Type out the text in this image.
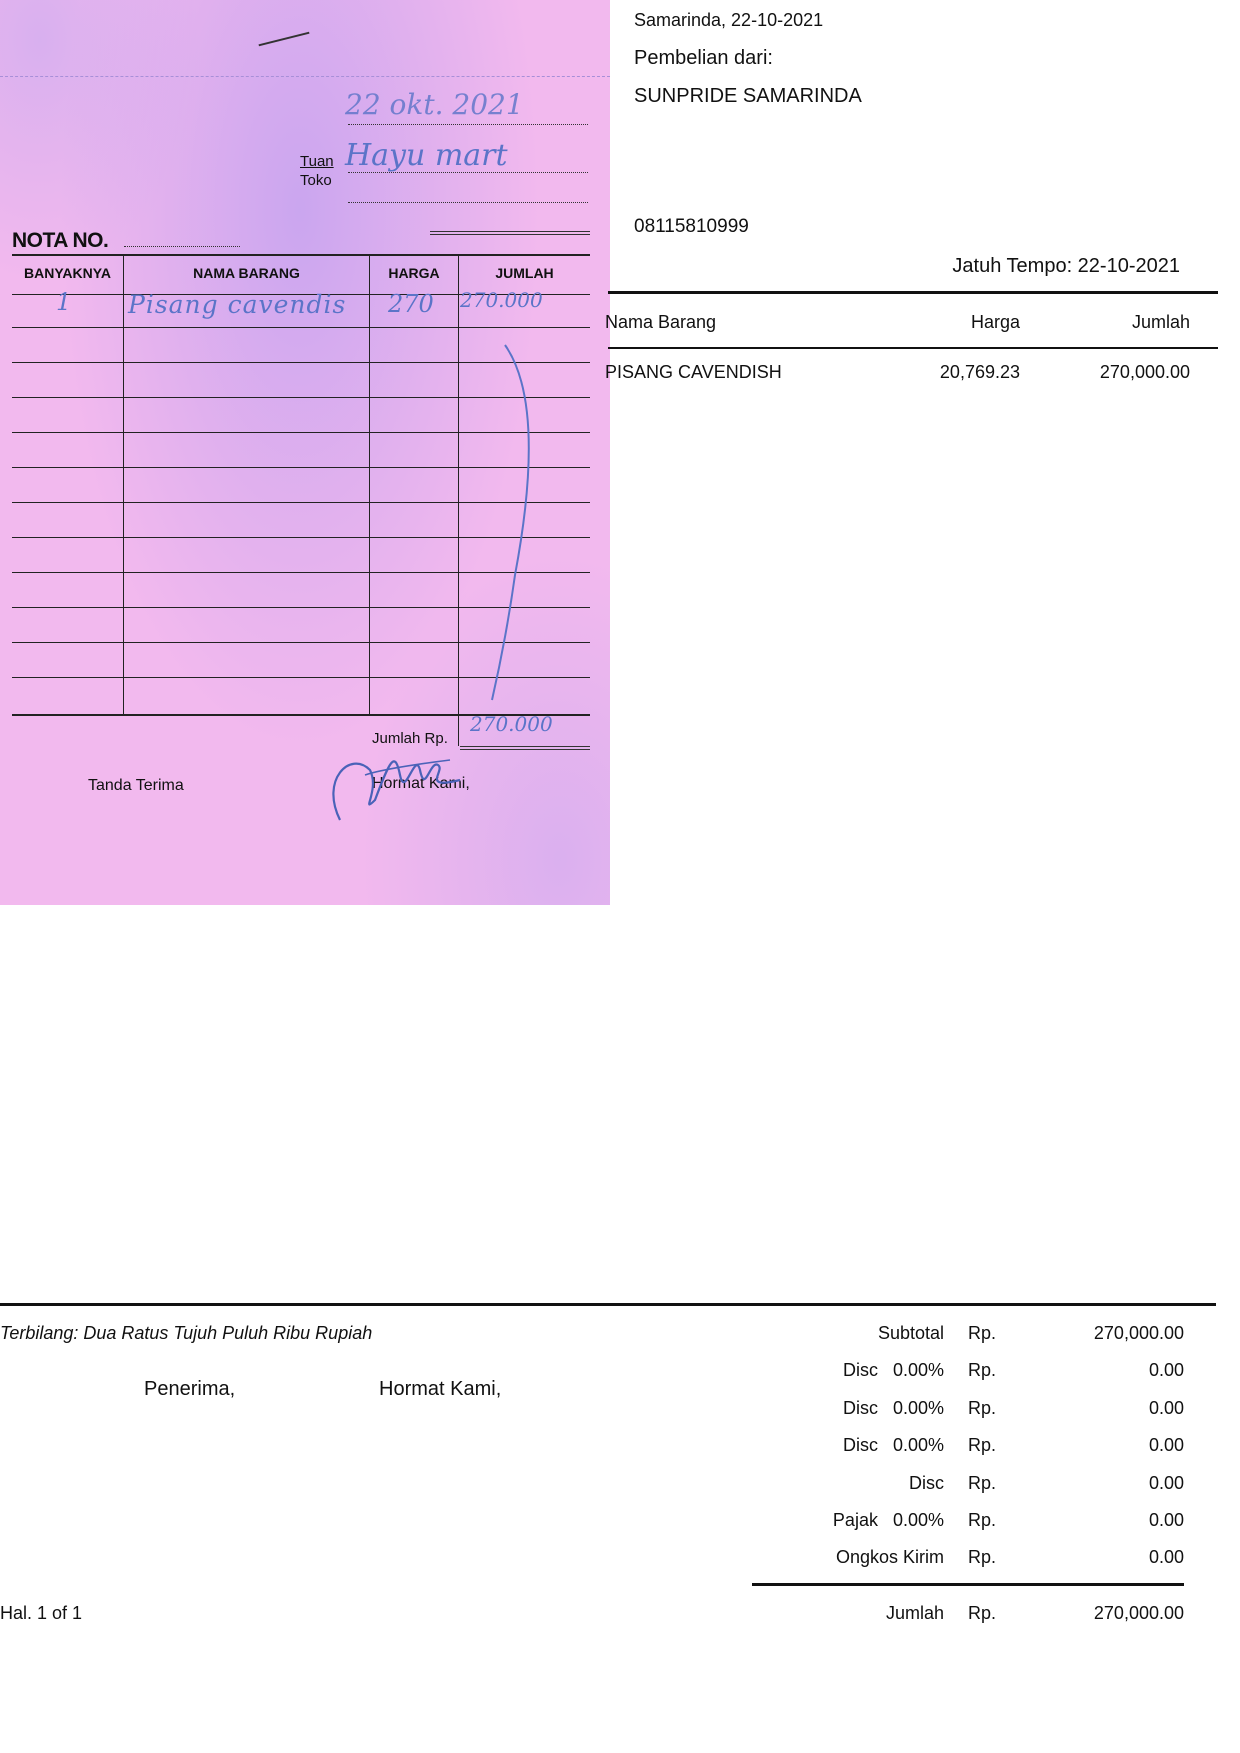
22 okt. 2021
Tuan
Toko
Hayu mart
NOTA NO.
BANYAKNYA	NAMA BARANG	HARGA	JUMLAH
1 Pisang cavendis 270 270.000
Jumlah Rp.
270.000
Tanda Terima	Hormat Kami,
Samarinda, 22-10-2021
Pembelian dari:
SUNPRIDE SAMARINDA
08115810999
Jatuh Tempo: 22-10-2021
Nama Barang	Harga	Jumlah
PISANG CAVENDISH	20,769.23	270,000.00
Terbilang: Dua Ratus Tujuh Puluh Ribu Rupiah
Penerima,	Hormat Kami,
Hal. 1 of 1
Subtotal Rp.	270,000.00
Disc   0.00% Rp.	0.00
Disc   0.00% Rp.	0.00
Disc   0.00% Rp.	0.00
Disc Rp.	0.00
Pajak   0.00% Rp.	0.00
Ongkos Kirim Rp.	0.00
Jumlah Rp.	270,000.00
